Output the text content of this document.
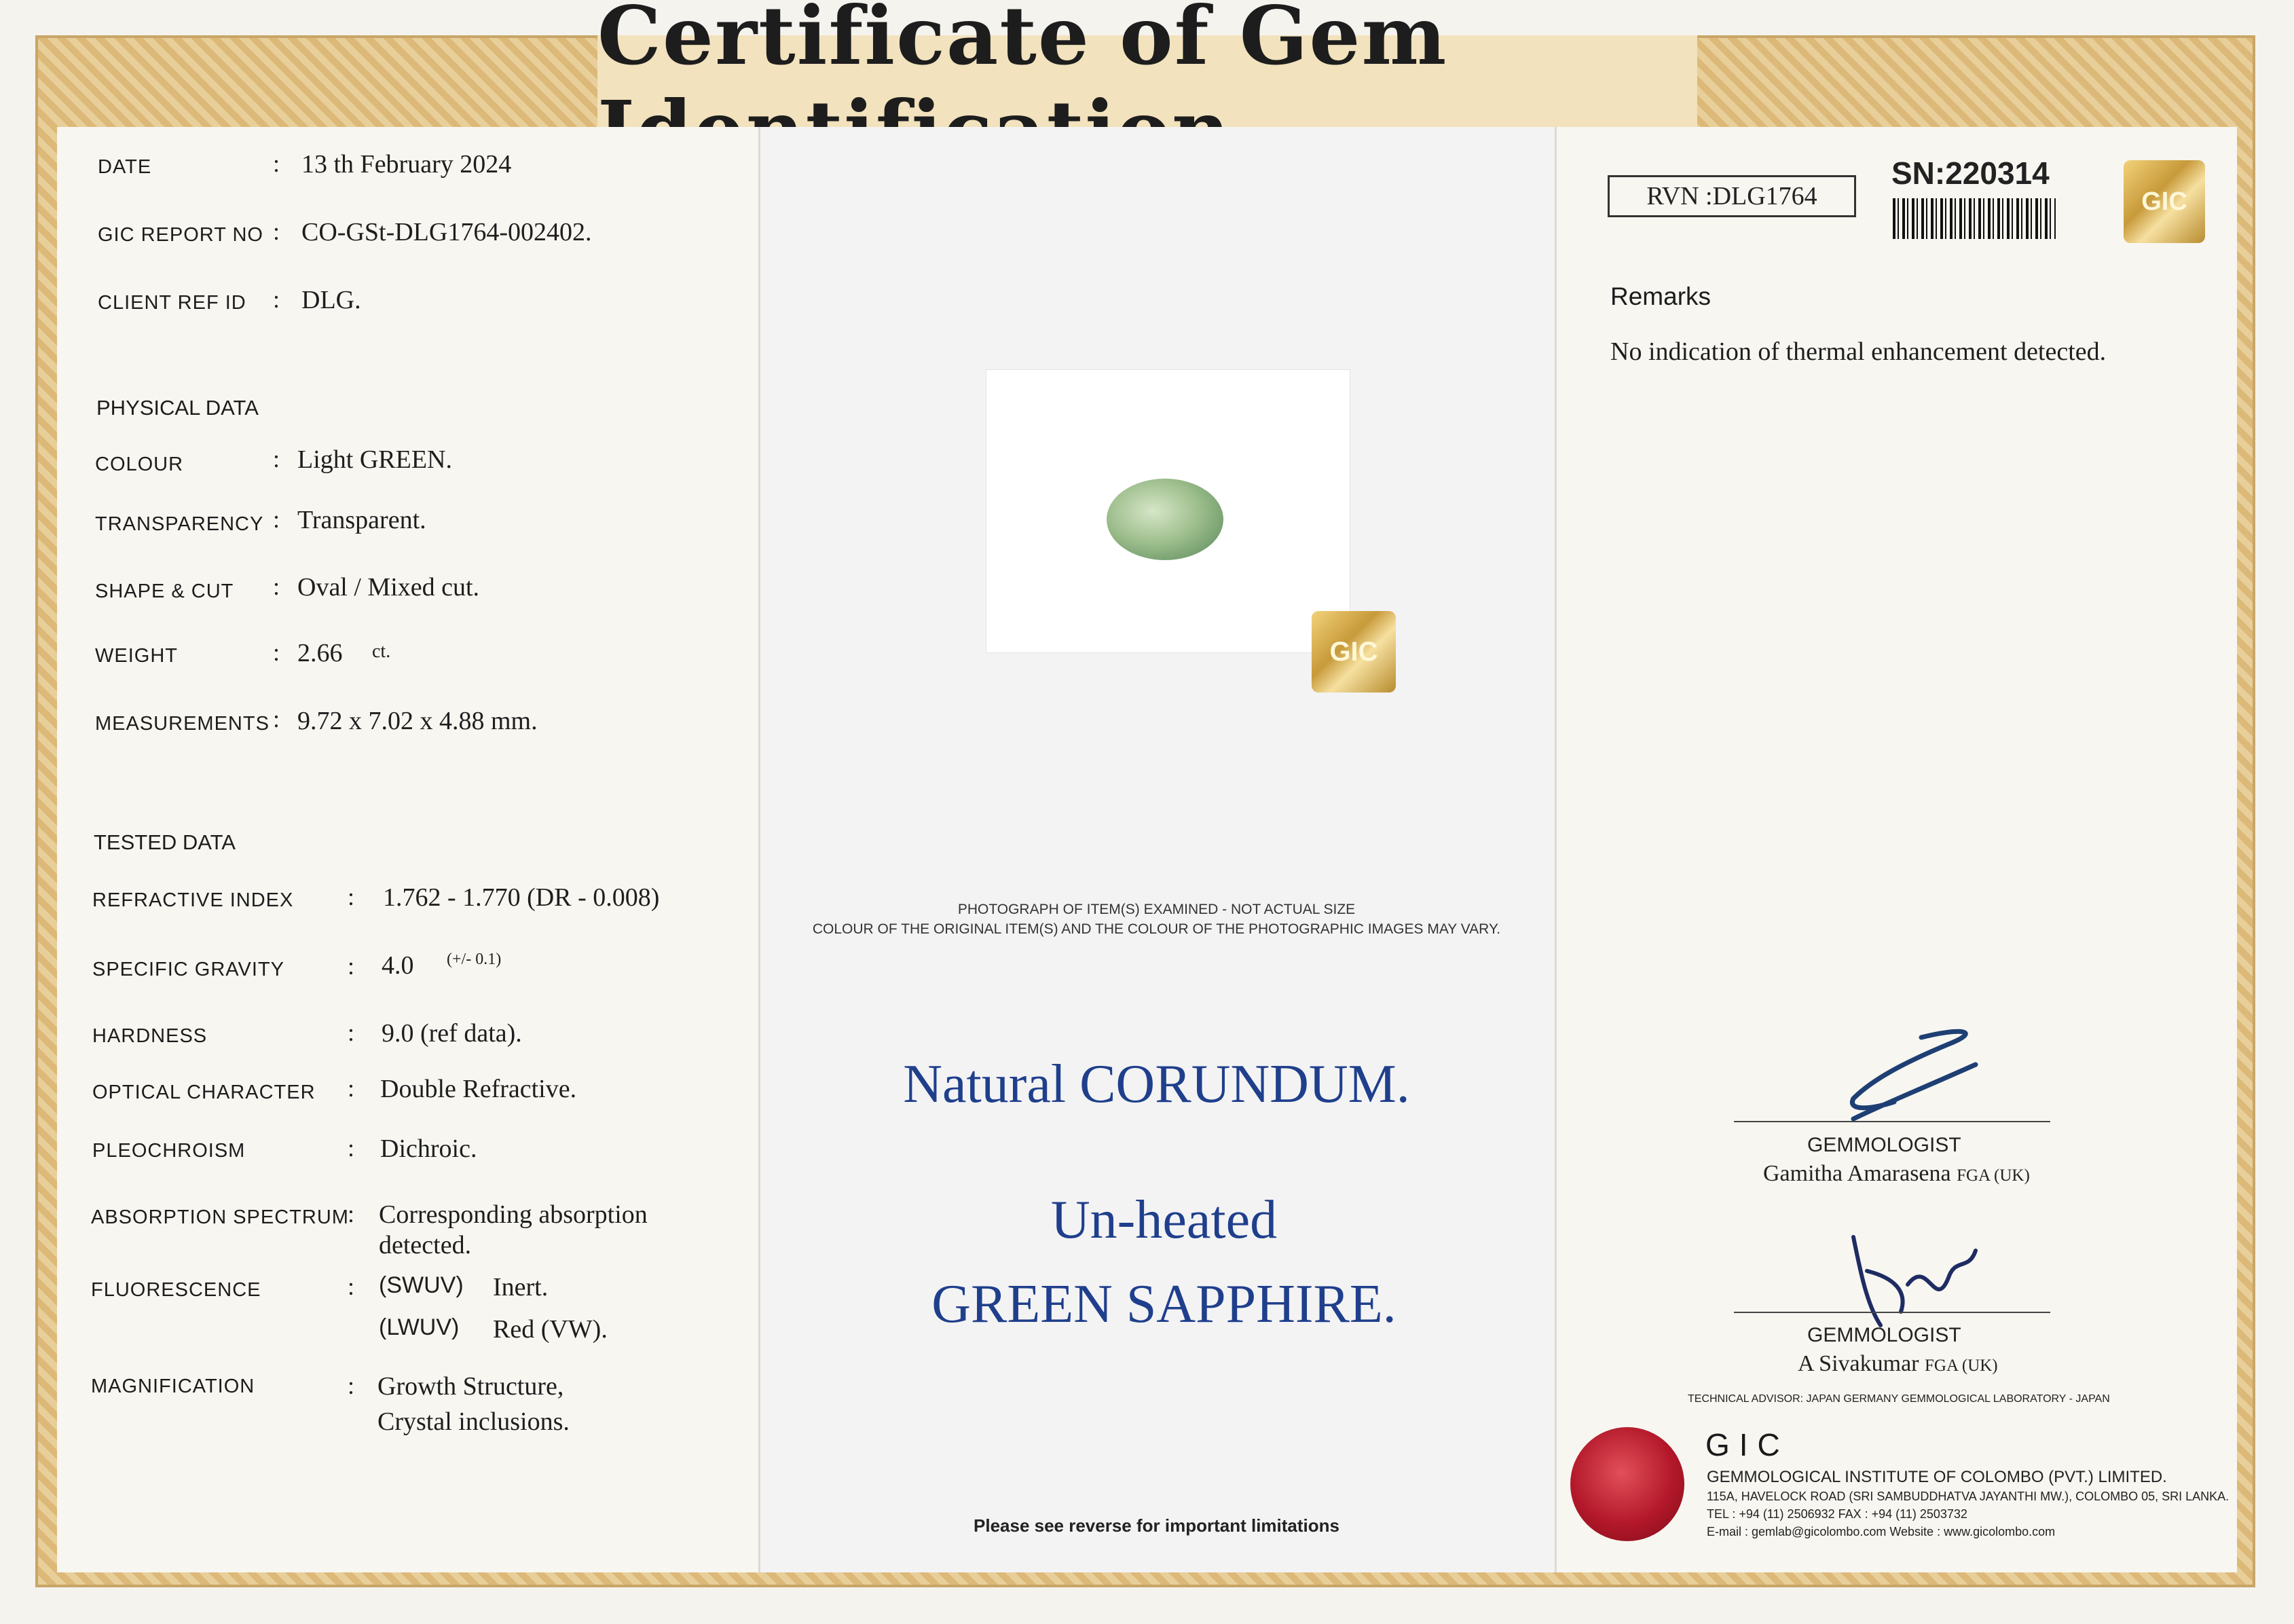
Certificate of Gem
DATE	: 13 th February 2024
GIC REPORT NO : CO-GSt-DLG1764-002402.
CLIENT REF ID : DLG.
PHYSICAL DATA
COLOUR	: Light GREEN.
TRANSPARENCY : Transparent.
SHAPE & CUT : Oval / Mixed cut.
WEIGHT	: 2.66 ct.
MEASUREMENTS : 9.72 x 7.02 x 4.88 mm.
TESTED DATA
REFRACTIVE INDEX : 1.762 - 1.770 (DR - 0.008)
SPECIFIC GRAVITY	: 4.0 (+/- 0.1)
HARDNESS	: 9.0 (ref data).
OPTICAL CHARACTER : Double Refractive.
PLEOCHROISM	: Dichroic.
ABSORPTION SPECTRUM
: Corresponding absorption
detected.
FLUORESCENCE	: (SWUV) Inert.
(LWUV) Red (VW).
MAGNIFICATION	: Growth Structure,
Crystal inclusions.
GIC
PHOTOGRAPH OF ITEM(S) EXAMINED - NOT ACTUAL SIZE
COLOUR OF THE ORIGINAL ITEM(S) AND THE COLOUR OF THE PHOTOGRAPHIC IMAGES MAY VARY.
Natural CORUNDUM.
Un-heated
GREEN SAPPHIRE.
Please see reverse for important limitations
RVN :DLG1764
SN:220314
GIC
Remarks
No indication of thermal enhancement detected.
GEMMOLOGIST
Gamitha Amarasena FGA (UK)
GEMMOLOGIST
A Sivakumar FGA (UK)
TECHNICAL ADVISOR: JAPAN GERMANY GEMMOLOGICAL LABORATORY - JAPAN
GIC
GEMMOLOGICAL INSTITUTE OF COLOMBO (PVT.) LIMITED.
115A, HAVELOCK ROAD (SRI SAMBUDDHATVA JAYANTHI MW.), COLOMBO 05, SRI LANKA.
TEL : +94 (11) 2506932 FAX : +94 (11) 2503732
E-mail : gemlab@gicolombo.com Website : www.gicolombo.com
